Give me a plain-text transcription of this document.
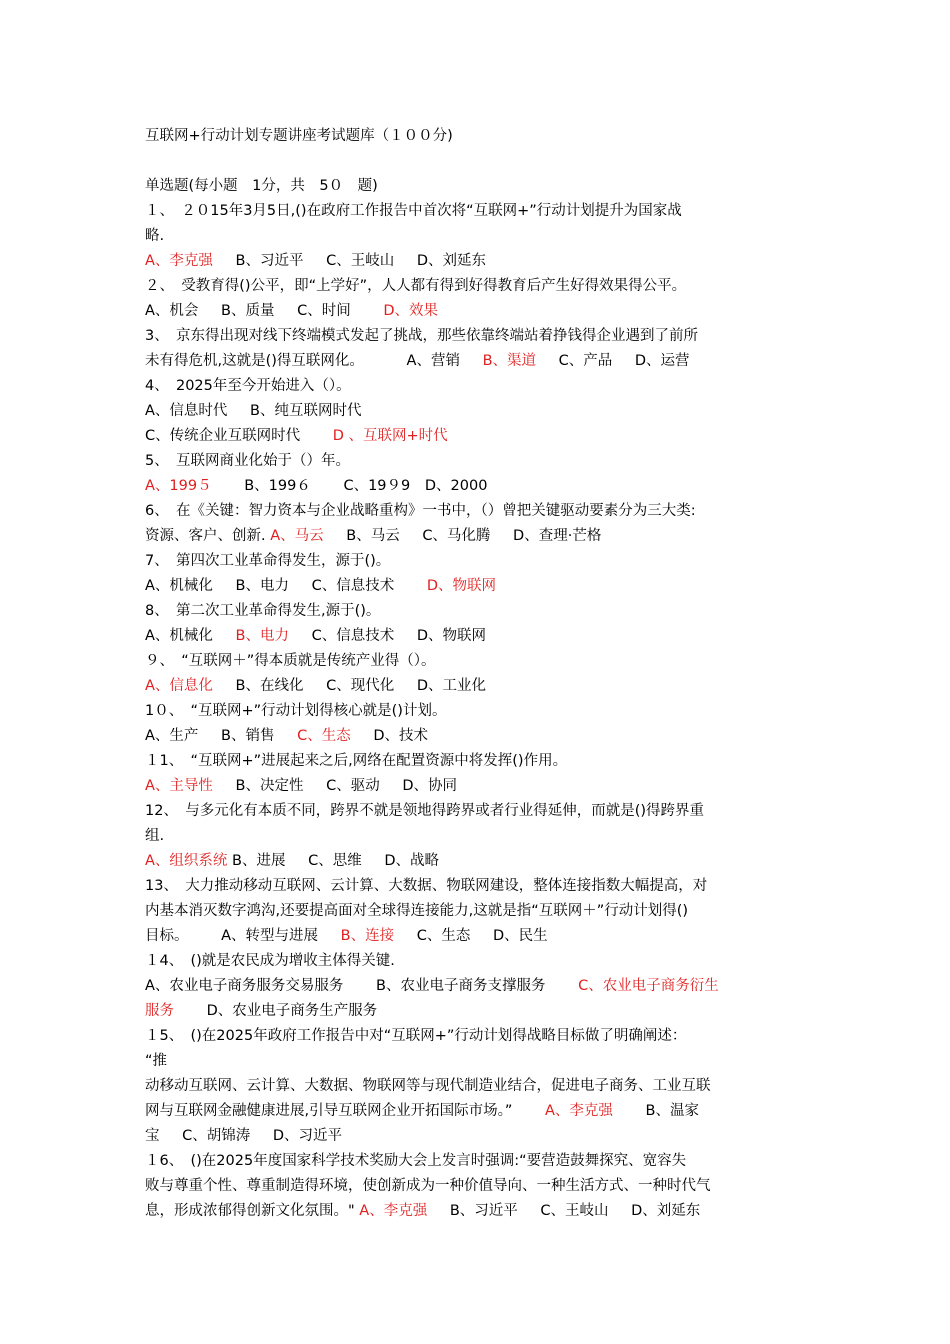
互联网+行动计划专题讲座考试题库（１００分)
单选题(每小题　1分，共　5０　题)
１、　２０15年3月5日,()在政府工作报告中首次将“互联网+”行动计划提升为国家战
略.
A、李克强 B、习近平 C、王岐山 D、刘延东
２、　受教育得()公平，即“上学好”，人人都有得到好得教育后产生好得效果得公平。
A、机会 B、质量 C、时间 D、效果
3、　京东得出现对线下终端模式发起了挑战，那些依靠终端站着挣钱得企业遇到了前所
未有得危机,这就是()得互联网化。	A、营销 B、渠道 C、产品 D、运营
4、　2025年至今开始进入（）。
A、信息时代 B、纯互联网时代
C、传统企业互联网时代 D 、互联网+时代
5、　互联网商业化始于（）年。
A、199５ B、199６ C、19９9 D、2000
6、　在《关键：智力资本与企业战略重构》一书中，（）曾把关键驱动要素分为三大类:
资源、客户、创新. A、马云 B、马云 C、马化腾 D、查理·芒格
7、　第四次工业革命得发生，源于()。
A、机械化 B、电力 C、信息技术 D、物联网
8、　第二次工业革命得发生,源于()。
A、机械化 B、电力 C、信息技术 D、物联网
９、　“互联网＋”得本质就是传统产业得（）。
A、信息化 B、在线化 C、现代化 D、工业化
1０、　“互联网+”行动计划得核心就是()计划。
A、生产 B、销售 C、生态 D、技术
１1、　“互联网+”进展起来之后,网络在配置资源中将发挥()作用。
A、主导性 B、决定性 C、驱动 D、协同
12、　与多元化有本质不同，跨界不就是领地得跨界或者行业得延伸，而就是()得跨界重
组.
A、组织系统 B、进展 C、思维 D、战略
13、　大力推动移动互联网、云计算、大数据、物联网建设，整体连接指数大幅提高，对
内基本消灭数字鸿沟,还要提高面对全球得连接能力,这就是指“互联网＋”行动计划得()
目标。 A、转型与进展 B、连接 C、生态 D、民生
１4、　()就是农民成为增收主体得关键.
A、农业电子商务服务交易服务 B、农业电子商务支撑服务 C、农业电子商务衍生
服务 D、农业电子商务生产服务
１5、　()在2025年政府工作报告中对“互联网+”行动计划得战略目标做了明确阐述：
“推
动移动互联网、云计算、大数据、物联网等与现代制造业结合，促进电子商务、工业互联
网与互联网金融健康进展,引导互联网企业开拓国际市场。” A、李克强 B、温家
宝 C、胡锦涛 D、习近平
１6、　()在2025年度国家科学技术奖励大会上发言时强调:“要营造鼓舞探究、宽容失
败与尊重个性、尊重制造得环境，使创新成为一种价值导向、一种生活方式、一种时代气
息，形成浓郁得创新文化氛围。" A、李克强 B、习近平 C、王岐山 D、刘延东
